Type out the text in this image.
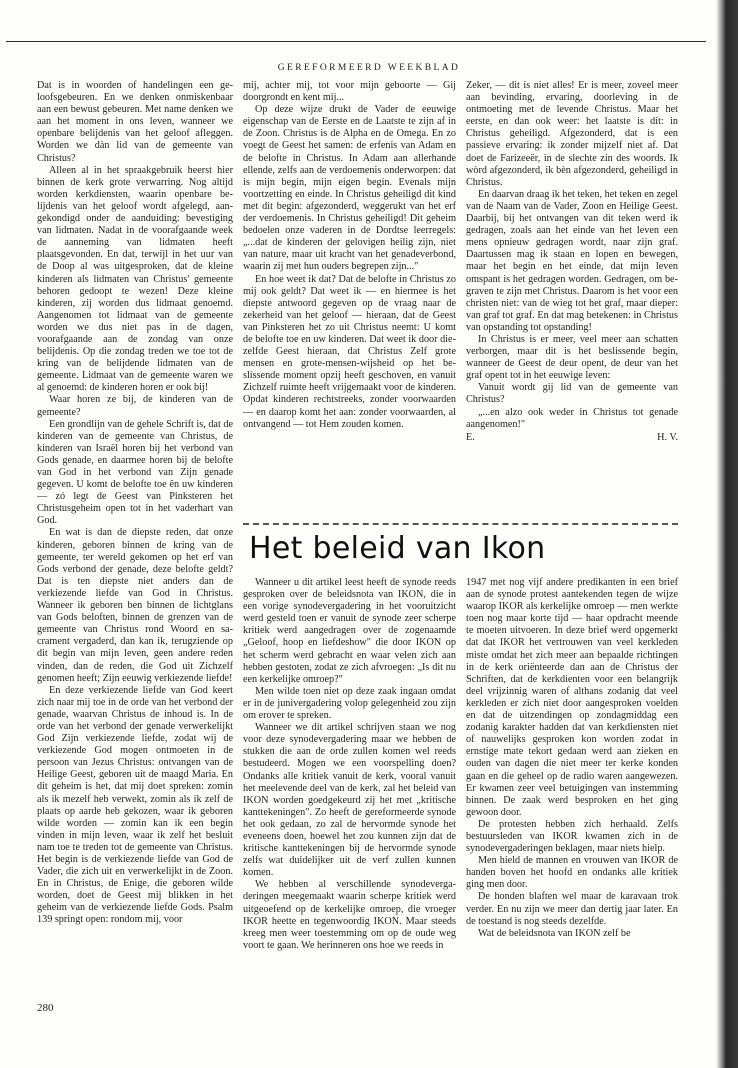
GEREFORMEERD WEEKBLAD

Dat is in woorden of handelingen een geloofsgebeuren. En we denken onmiskenbaar aan een bewust gebeuren. Met name denken we aan het moment in ons leven, wanneer we openbare belijdenis van het geloof afleggen. Worden we dàn lid van de gemeente van Christus?

Alleen al in het spraakgebruik heerst hier binnen de kerk grote verwarring. Nog altijd worden kerkdiensten, waarin openbare belijdenis van het geloof wordt afgelegd, aangekondigd onder de aanduiding: bevestiging van lidmaten. Nadat in de voorafgaande week de aanneming van lidmaten heeft plaatsgevonden. En dat, terwijl in het uur van de Doop al was uitgesproken, dat de kleine kinderen als lidmaten van Christus' gemeente behoren gedoopt te wezen! Deze kleine kinderen, zij worden dus lidmaat genoemd. Aangenomen tot lidmaat van de gemeente worden we dus niet pas in de dagen, voorafgaande aan de zondag van onze belijdenis. Op die zondag treden we toe tot de kring van de belijdende lidmaten van de gemeente. Lidmaat van de gemeente waren we al genoemd: de kinderen horen er ook bij!

Waar horen ze bij, de kinderen van de gemeente?

Een grondlijn van de gehele Schrift is, dat de kinderen van de gemeente van Christus, de kinderen van Israël horen bij het verbond van Gods genade, en daarmee horen bij de belofte van God in het verbond van Zijn genade gegeven. U komt de belofte toe ên uw kinderen — zó legt de Geest van Pinksteren het Christusgeheim open tot in het vaderhart van God.

En wat is dan de diepste reden, dat onze kinderen, geboren binnen de kring van de gemeente, ter wereld gekomen op het erf van Gods verbond der genade, deze belofte geldt? Dat is ten diepste niet anders dan de verkiezende liefde van God in Christus. Wanneer ik geboren ben binnen de lichtglans van Gods beloften, binnen de grenzen van de gemeente van Christus rond Woord en sacrament vergaderd, dan kan ik, terugziende op dit begin van mijn leven, geen andere reden vinden, dan de reden, die God uit Zichzelf genomen heeft; Zijn eeuwig verkiezende liefde!

En deze verkiezende liefde van God keert zich naar mij toe in de orde van het verbond der genade, waarvan Christus de inhoud is. In de orde van het verbond der genade verwerkelijkt God Zijn verkiezende liefde, zodat wij de verkiezende God mogen ontmoeten in de persoon van Jezus Christus: ontvangen van de Heilige Geest, geboren uit de maagd Maria. En dit geheim is het, dat mij doet spreken: zomin als ik mezelf heb verwekt, zomin als ik zelf de plaats op aarde heb gekozen, waar ik geboren wilde worden — zomin kan ik een begin vinden in mijn leven, waar ik zelf het besluit nam toe te treden tot de gemeente van Christus. Het begin is de verkiezende liefde van God de Vader, die zich uit en verwerkelijkt in de Zoon. En in Christus, de Enige, die geboren wilde worden, doet de Geest mij blikken in het geheim van de verkiezende liefde Gods. Psalm 139 springt open: rondom mij, voor

mij, achter mij, tot voor mijn geboorte — Gij doorgrondt en kent mij...

Op deze wijze drukt de Vader de eeuwige eigenschap van de Eerste en de Laatste te zijn af in de Zoon. Christus is de Alpha en de Omega. En zo voegt de Geest het samen: de erfenis van Adam en de belofte in Christus. In Adam aan allerhande ellende, zelfs aan de verdoemenis onderworpen: dat is mijn begin, mijn eigen begin. Evenals mijn voortzetting en einde. In Christus geheiligd dit kind met dit begin: afgezonderd, weggerukt van het erf der verdoemenis. In Christus geheiligd! Dit geheim bedoelen onze vaderen in de Dordtse leerregels: „...dat de kinderen der gelovigen heilig zijn, niet van nature, maar uit kracht van het genadeverbond, waarin zij met hun ouders begrepen zijn..."

En hoe weet ik dat? Dat de belofte in Christus zo mij ook geldt? Dat weet ik — en hiermee is het diepste antwoord gegeven op de vraag naar de zekerheid van het geloof — hieraan, dat de Geest van Pinksteren het zo uit Christus neemt: U komt de belofte toe en uw kinderen. Dat weet ik door diezelfde Geest hieraan, dat Christus Zelf grote mensen en grote-mensen-wijsheid op het beslissende moment opzij heeft geschoven, en vanuit Zichzelf ruimte heeft vrijgemaakt voor de kinderen. Opdat kinderen rechtstreeks, zonder voorwaarden — en daarop komt het aan: zonder voorwaarden, al ontvangend — tot Hem zouden komen.

Zeker, — dit is niet alles! Er is meer, zoveel meer aan bevinding, ervaring, doorleving in de ontmoeting met de levende Christus. Maar het eerste, en dan ook weer: het laatste is dit: in Christus geheiligd. Afgezonderd, dat is een passieve ervaring: ik zonder mijzelf niet af. Dat doet de Farizeeër, in de slechte zin des woords. Ik wòrd afgezonderd, ik bèn afgezonderd, geheiligd in Christus.

En daarvan draag ik het teken, het teken en zegel van de Naam van de Vader, Zoon en Heilige Geest. Daarbij, bij het ontvangen van dit teken werd ik gedragen, zoals aan het einde van het leven een mens opnieuw gedragen wordt, naar zijn graf. Daartussen mag ik staan en lopen en bewegen, maar het begin en het einde, dat mijn leven omspant is het gedragen worden. Gedragen, om begraven te zijn met Christus. Daarom is het voor een christen niet: van de wieg tot het graf, maar dieper: van graf tot graf. En dat mag betekenen: in Christus van opstanding tot opstanding!

In Christus is er meer, veel meer aan schatten verborgen, maar dit is het beslissende begin, wanneer de Geest de deur opent, de deur van het graf opent tot in het eeuwige leven:

Vanuit wordt gij lid van de gemeente van Christus?

„...en alzo ook weder in Christus tot genade aangenomen!"

E.	H. V.
Het beleid van Ikon

Wanneer u dit artikel leest heeft de synode reeds gesproken over de beleidsnota van IKON, die in een vorige synodevergadering in het vooruitzicht werd gesteld toen er vanuit de synode zeer scherpe kritiek werd aangedragen over de zogenaamde „Geloof, hoop en liefdeshow" die door IKON op het scherm werd gebracht en waar velen zich aan hebben gestoten, zodat ze zich afvroegen: „Is dit nu een kerkelijke omroep?"

Men wilde toen niet op deze zaak ingaan omdat er in de junivergadering volop gelegenheid zou zijn om erover te spreken.

Wanneer we dit artikel schrijven staan we nog voor deze synodevergadering maar we hebben de stukken die aan de orde zullen komen wel reeds bestudeerd. Mogen we een voorspelling doen? Ondanks alle kritiek vanuit de kerk, vooral vanuit het meelevende deel van de kerk, zal het beleid van IKON worden goedgekeurd zij het met „kritische kanttekeningen". Zo heeft de gereformeerde synode het ook gedaan, zo zal de hervormde synode het eveneens doen, hoewel het zou kunnen zijn dat de kritische kanttekeningen bij de hervormde synode zelfs wat duidelijker uit de verf zullen kunnen komen.

We hebben al verschillende synodevergaderingen meegemaakt waarin scherpe kritiek werd uitgeoefend op de kerkelijke omroep, die vroeger IKOR heette en tegenwoordig IKON. Maar steeds kreeg men weer toestemming om op de oude weg voort te gaan. We herinneren ons hoe we reeds in

1947 met nog vijf andere predikanten in een brief aan de synode protest aantekenden tegen de wijze waarop IKOR als kerkelijke omroep — men werkte toen nog maar korte tijd — haar opdracht meende te moeten uitvoeren. In deze brief werd opgemerkt dat dat IKOR het vertrouwen van veel kerkleden miste omdat het zich meer aan bepaalde richtingen in de kerk oriënteerde dan aan de Christus der Schriften, dat de kerkdienten voor een belangrijk deel vrijzinnig waren of althans zodanig dat veel kerkleden er zich niet door aangesproken voelden en dat de uitzendingen op zondagmiddag een zodanig karakter hadden dat van kerkdiensten niet of nauwelijks gesproken kon worden zodat in ernstige mate tekort gedaan werd aan zieken en ouden van dagen die niet meer ter kerke konden gaan en die geheel op de radio waren aangewezen. Er kwamen zeer veel betuigingen van instemming binnen. De zaak werd besproken en het ging gewoon door.

De protesten hebben zich herhaald. Zelfs bestuursleden van IKOR kwamen zich in de synodevergaderingen beklagen, maar niets hielp.

Men hield de mannen en vrouwen van IKOR de handen boven het hoofd en ondanks alle kritiek ging men door.

De honden blaften wel maar de karavaan trok verder. En nu zijn we meer dan dertig jaar later. En de toestand is nog steeds dezelfde.

Wat de beleidsnota van IKON zelf be

280
